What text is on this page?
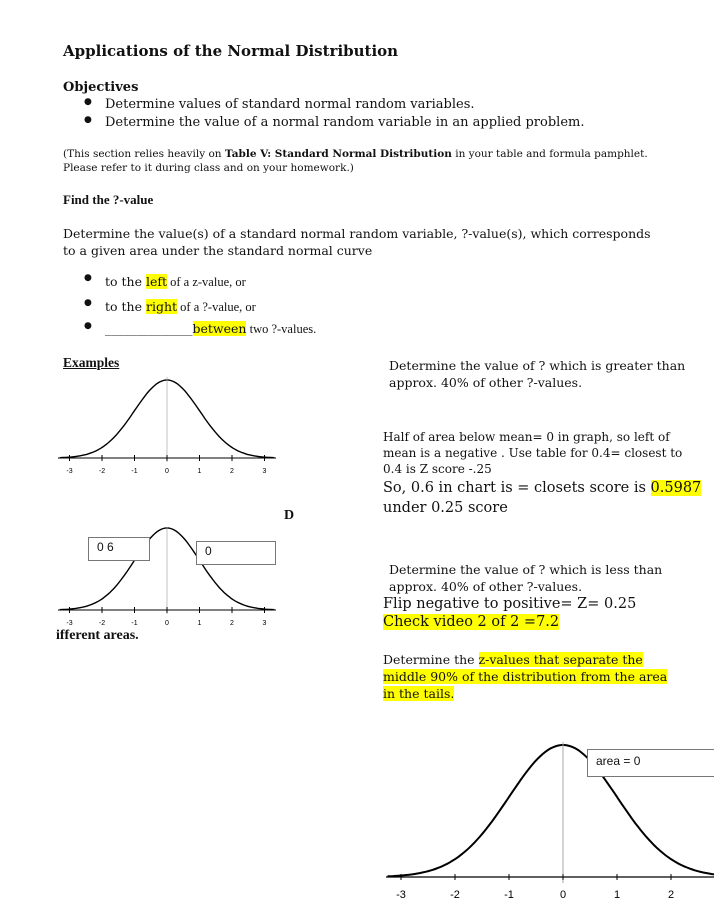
Applications of the Normal Distribution
Objectives
● Determine values of standard normal random variables.
● Determine the value of a normal random variable in an applied problem.
(This section relies heavily on Table V: Standard Normal Distribution in your table and formula pamphlet. Please refer to it during class and on your homework.)
Find the ?-value
Determine the value(s) of a standard normal random variable, ?-value(s), which corresponds to a given area under the standard normal curve
● to the left of a z-value, or
● to the right of a ?-value, or
● ______________between two ?-values.
Examples
-3	-2	-1	0	1	2	3
-3	-2	-1	0	1	2	3
0 6	0
D
ifferent areas.
Determine the value of ? which is greater than approx. 40% of other ?-values.
Half of area below mean= 0 in graph, so left of mean is a negative . Use table for 0.4= closest to 0.4 is Z score -.25
So, 0.6 in chart is = closets score is 0.5987 under 0.25 score
Determine the value of ? which is less than approx. 40% of other ?-values.
Flip negative to positive= Z= 0.25
Check video 2 of 2 =7.2
Determine the z-values that separate the middle 90% of the distribution from the area in the tails.
-3	-2	-1	0	1	2
area = 0
